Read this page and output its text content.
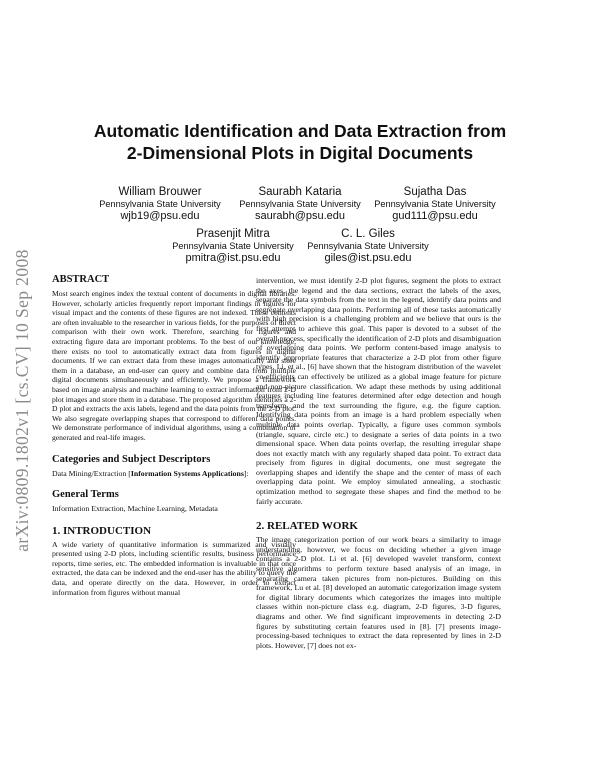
arXiv:0809.1802v1 [cs.CV] 10 Sep 2008
Automatic Identification and Data Extraction from
2-Dimensional Plots in Digital Documents
William Brouwer
Pennsylvania State University
wjb19@psu.edu
Saurabh Kataria
Pennsylvania State University
saurabh@psu.edu
Sujatha Das
Pennsylvania State University
gud111@psu.edu
Prasenjit Mitra
Pennsylvania State University
pmitra@ist.psu.edu
C. L. Giles
Pennsylvania State University
giles@ist.psu.edu
ABSTRACT

Most search engines index the textual content of documents in digital libraries. However, scholarly articles frequently report important findings in figures for visual impact and the contents of these figures are not indexed. These contents are often invaluable to the researcher in various fields, for the purposes of direct comparison with their own work. Therefore, searching for figures and extracting figure data are important problems. To the best of our knowledge, there exists no tool to automatically extract data from figures in digital documents. If we can extract data from these images automatically and store them in a database, an end-user can query and combine data from multiple digital documents simultaneously and efficiently. We propose a framework based on image analysis and machine learning to extract information from 2-D plot images and store them in a database. The proposed algorithm identifies a 2-D plot and extracts the axis labels, legend and the data points from the 2-D plot. We also segregate overlapping shapes that correspond to different data points. We demonstrate performance of individual algorithms, using a combination of generated and real-life images.

Categories and Subject Descriptors

Data Mining/Extraction [Information Systems Applications]:

General Terms

Information Extraction, Machine Learning, Metadata

1. INTRODUCTION

A wide variety of quantitative information is summarized and visually presented using 2-D plots, including scientific results, business performance reports, time series, etc. The embedded information is invaluable in that once extracted, the data can be indexed and the end-user has the ability to query the data, and operate directly on the data. However, in order to extract information from figures without manual

intervention, we must identify 2-D plot figures, segment the plots to extract the axes, the legend and the data sections, extract the labels of the axes, separate the data symbols from the text in the legend, identify data points and segregate overlapping data points. Performing all of these tasks automatically with high precision is a challenging problem and we believe that ours is the first attempt to achieve this goal. This paper is devoted to a subset of the overall process, specifically the identification of 2-D plots and disambiguation of overlapping data points. We perform content-based image analysis to identify appropriate features that characterize a 2-D plot from other figure types. Li, et al., [6] have shown that the histogram distribution of the wavelet co-efficients can effectively be utilized as a global image feature for picture and non-picture classification. We adapt these methods by using additional features including line features determined after edge detection and hough transform, and the text surrounding the figure, e.g. the figure caption. Identifying data points from an image is a hard problem especially when multiple data points overlap. Typically, a figure uses common symbols (triangle, square, circle etc.) to designate a series of data points in a two dimensional space. When data points overlap, the resulting irregular shape does not exactly match with any regularly shaped data point. To extract data precisely from figures in digital documents, one must segregate the overlapping shapes and identify the shape and the center of mass of each overlapping data point. We employ simulated annealing, a stochastic optimization method to segregate these shapes and find the method to be fairly accurate.

2. RELATED WORK

The image categorization portion of our work bears a similarity to image understanding, however, we focus on deciding whether a given image contains a 2-D plot. Li et al. [6] developed wavelet transform, context sensitive algorithms to perform texture based analysis of an image, in separating camera taken pictures from non-pictures. Building on this framework, Lu et al. [8] developed an automatic categorization image system for digital library documents which categorizes the images into multiple classes within non-picture class e.g. diagram, 2-D figures, 3-D figures, diagrams and other. We find significant improvements in detecting 2-D figures by substituting certain features used in [8]. [7] presents image-processing-based techniques to extract the data represented by lines in 2-D plots. However, [7] does not ex-
